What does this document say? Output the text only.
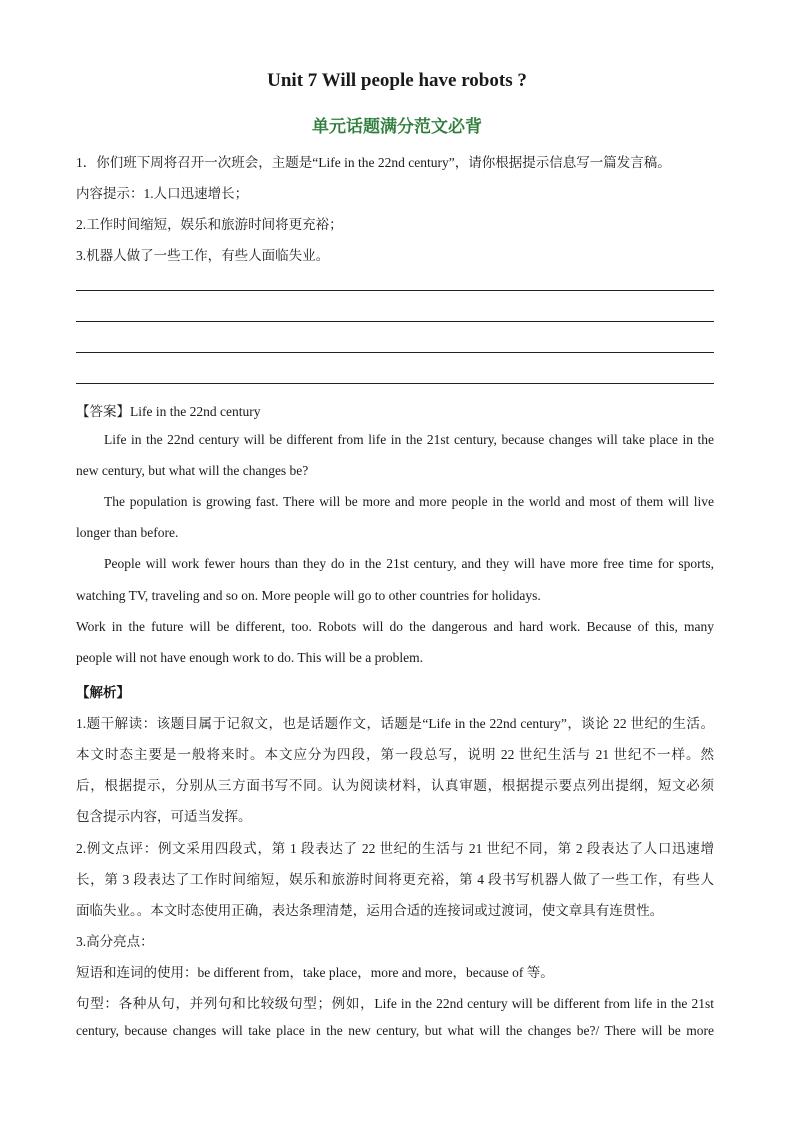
Unit 7 Will people have robots ?
单元话题满分范文必背
1．你们班下周将召开一次班会，主题是“Life in the 22nd century”，请你根据提示信息写一篇发言稿。
内容提示：1.人口迅速增长；
2.工作时间缩短，娱乐和旅游时间将更充裕；
3.机器人做了一些工作，有些人面临失业。
【答案】Life in the 22nd century
Life in the 22nd century will be different from life in the 21st century, because changes will take place in the
new century, but what will the changes be?
The population is growing fast. There will be more and more people in the world and most of them will live
longer than before.
People will work fewer hours than they do in the 21st century, and they will have more free time for sports,
watching TV, traveling and so on. More people will go to other countries for holidays.
Work in the future will be different, too. Robots will do the dangerous and hard work. Because of this, many
people will not have enough work to do. This will be a problem.
【解析】
1.题干解读：该题目属于记叙文，也是话题作文，话题是“Life in the 22nd century”，谈论 22 世纪的生活。
本文时态主要是一般将来时。本文应分为四段，第一段总写，说明 22 世纪生活与 21 世纪不一样。然
后，根据提示，分别从三方面书写不同。认为阅读材料，认真审题，根据提示要点列出提纲，短文必须
包含提示内容，可适当发挥。
2.例文点评：例文采用四段式，第 1 段表达了 22 世纪的生活与 21 世纪不同，第 2 段表达了人口迅速增
长，第 3 段表达了工作时间缩短，娱乐和旅游时间将更充裕，第 4 段书写机器人做了一些工作，有些人
面临失业。。本文时态使用正确，表达条理清楚，运用合适的连接词或过渡词，使文章具有连贯性。
3.高分亮点：
短语和连词的使用：be different from，take place，more and more，because of 等。
句型：各种从句，并列句和比较级句型；例如，Life in the 22nd century will be different from life in the 21st
century, because changes will take place in the new century, but what will the changes be?/ There will be more
